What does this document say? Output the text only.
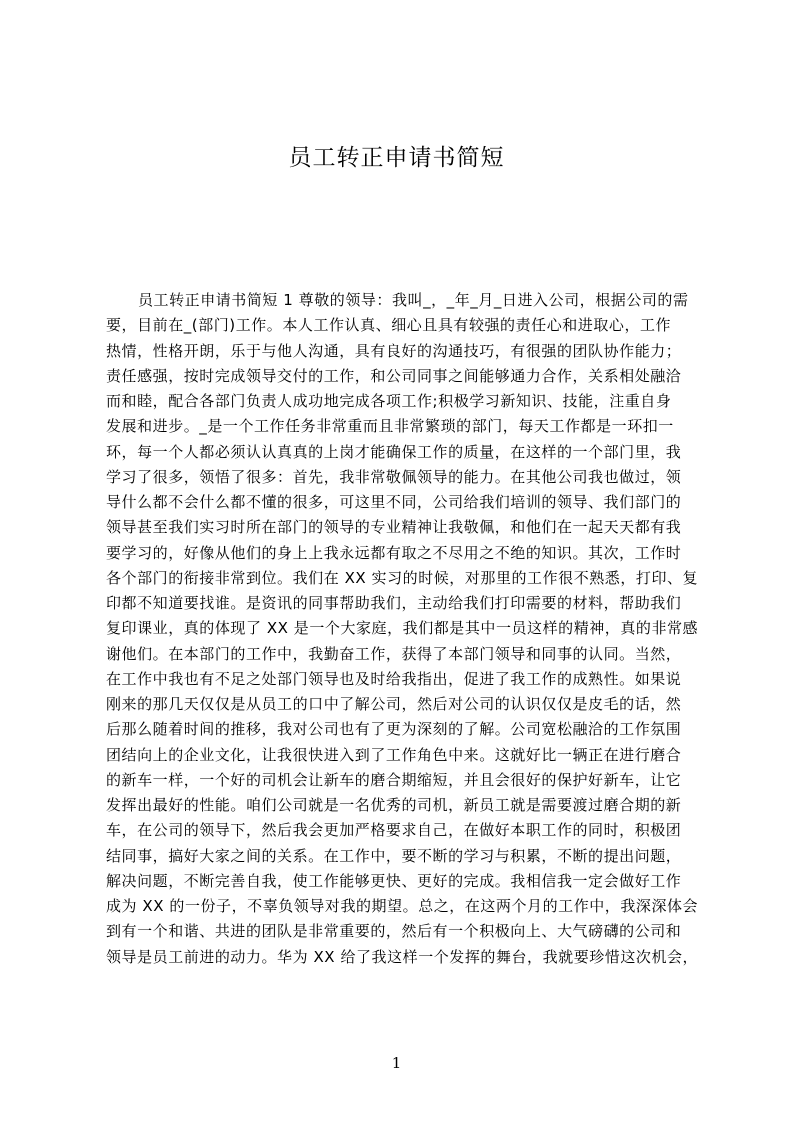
员工转正申请书简短
员工转正申请书简短 1 尊敬的领导：我叫_，_年_月_日进入公司，根据公司的需
要，目前在_(部门)工作。本人工作认真、细心且具有较强的责任心和进取心，工作
热情，性格开朗，乐于与他人沟通，具有良好的沟通技巧，有很强的团队协作能力；
责任感强，按时完成领导交付的工作，和公司同事之间能够通力合作，关系相处融洽
而和睦，配合各部门负责人成功地完成各项工作;积极学习新知识、技能，注重自身
发展和进步。_是一个工作任务非常重而且非常繁琐的部门，每天工作都是一环扣一
环，每一个人都必须认认真真的上岗才能确保工作的质量，在这样的一个部门里，我
学习了很多，领悟了很多：首先，我非常敬佩领导的能力。在其他公司我也做过，领
导什么都不会什么都不懂的很多，可这里不同，公司给我们培训的领导、我们部门的
领导甚至我们实习时所在部门的领导的专业精神让我敬佩，和他们在一起天天都有我
要学习的，好像从他们的身上上我永远都有取之不尽用之不绝的知识。其次，工作时
各个部门的衔接非常到位。我们在 XX 实习的时候，对那里的工作很不熟悉，打印、复
印都不知道要找谁。是资讯的同事帮助我们，主动给我们打印需要的材料，帮助我们
复印课业，真的体现了 XX 是一个大家庭，我们都是其中一员这样的精神，真的非常感
谢他们。在本部门的工作中，我勤奋工作，获得了本部门领导和同事的认同。当然，
在工作中我也有不足之处部门领导也及时给我指出，促进了我工作的成熟性。如果说
刚来的那几天仅仅是从员工的口中了解公司，然后对公司的认识仅仅是皮毛的话，然
后那么随着时间的推移，我对公司也有了更为深刻的了解。公司宽松融洽的工作氛围
团结向上的企业文化，让我很快进入到了工作角色中来。这就好比一辆正在进行磨合
的新车一样，一个好的司机会让新车的磨合期缩短，并且会很好的保护好新车，让它
发挥出最好的性能。咱们公司就是一名优秀的司机，新员工就是需要渡过磨合期的新
车，在公司的领导下，然后我会更加严格要求自己，在做好本职工作的同时，积极团
结同事，搞好大家之间的关系。在工作中，要不断的学习与积累，不断的提出问题，
解决问题，不断完善自我，使工作能够更快、更好的完成。我相信我一定会做好工作
成为 XX 的一份子，不辜负领导对我的期望。总之，在这两个月的工作中，我深深体会
到有一个和谐、共进的团队是非常重要的，然后有一个积极向上、大气磅礴的公司和
领导是员工前进的动力。华为 XX 给了我这样一个发挥的舞台，我就要珍惜这次机会，
1
